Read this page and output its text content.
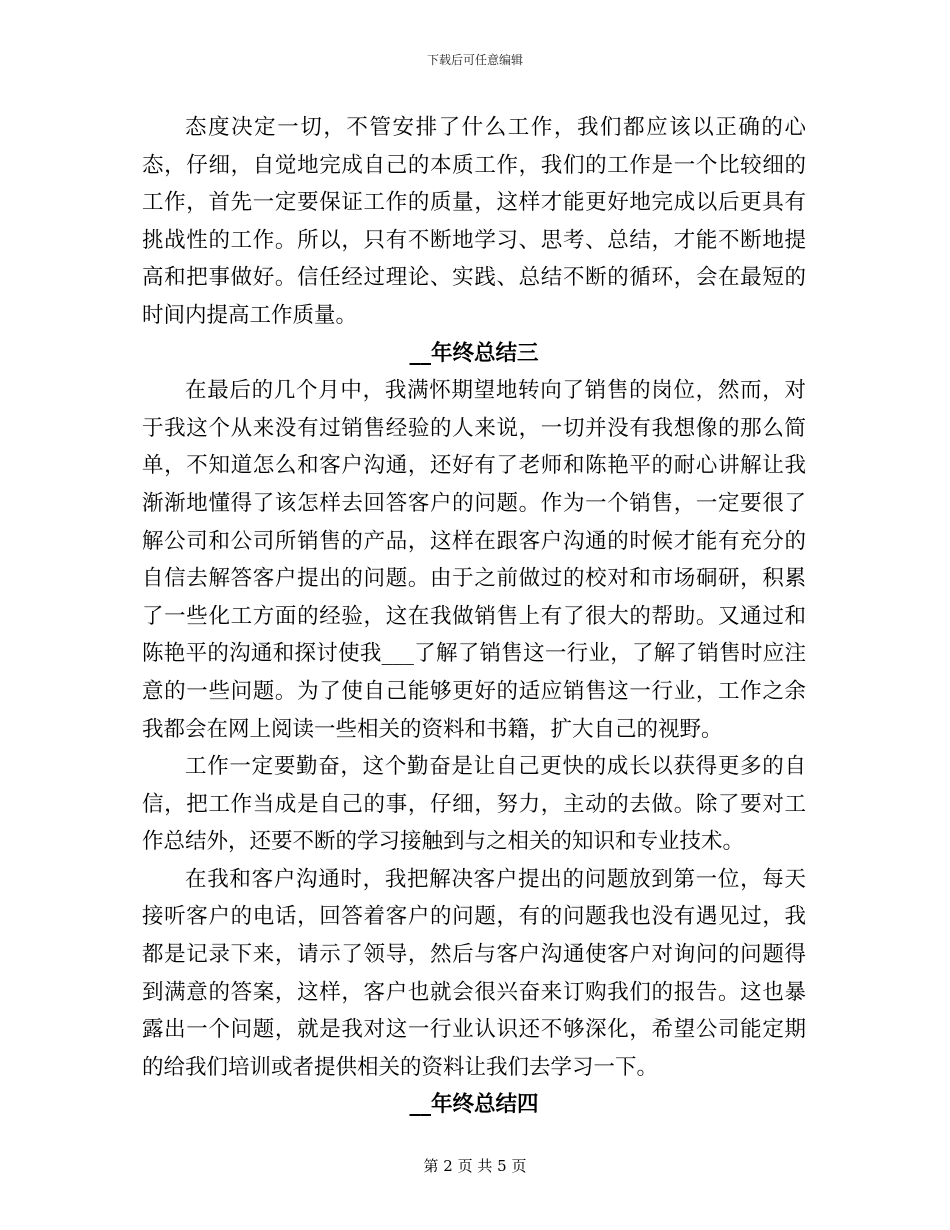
下载后可任意编辑

态度决定一切，不管安排了什么工作，我们都应该以正确的心态，仔细，自觉地完成自己的本质工作，我们的工作是一个比较细的工作，首先一定要保证工作的质量，这样才能更好地完成以后更具有挑战性的工作。所以，只有不断地学习、思考、总结，才能不断地提高和把事做好。信任经过理论、实践、总结不断的循环，会在最短的时间内提高工作质量。

__年终总结三

在最后的几个月中，我满怀期望地转向了销售的岗位，然而，对于我这个从来没有过销售经验的人来说，一切并没有我想像的那么简单，不知道怎么和客户沟通，还好有了老师和陈艳平的耐心讲解让我渐渐地懂得了该怎样去回答客户的问题。作为一个销售，一定要很了解公司和公司所销售的产品，这样在跟客户沟通的时候才能有充分的自信去解答客户提出的问题。由于之前做过的校对和市场硐研，积累了一些化工方面的经验，这在我做销售上有了很大的帮助。又通过和陈艳平的沟通和探讨使我___了解了销售这一行业，了解了销售时应注意的一些问题。为了使自己能够更好的适应销售这一行业，工作之余我都会在网上阅读一些相关的资料和书籍，扩大自己的视野。

工作一定要勤奋，这个勤奋是让自己更快的成长以获得更多的自信，把工作当成是自己的事，仔细，努力，主动的去做。除了要对工作总结外，还要不断的学习接触到与之相关的知识和专业技术。

在我和客户沟通时，我把解决客户提出的问题放到第一位，每天接听客户的电话，回答着客户的问题，有的问题我也没有遇见过，我都是记录下来，请示了领导，然后与客户沟通使客户对询问的问题得到满意的答案，这样，客户也就会很兴奋来订购我们的报告。这也暴露出一个问题，就是我对这一行业认识还不够深化，希望公司能定期的给我们培训或者提供相关的资料让我们去学习一下。

__年终总结四
第 2 页 共 5 页
